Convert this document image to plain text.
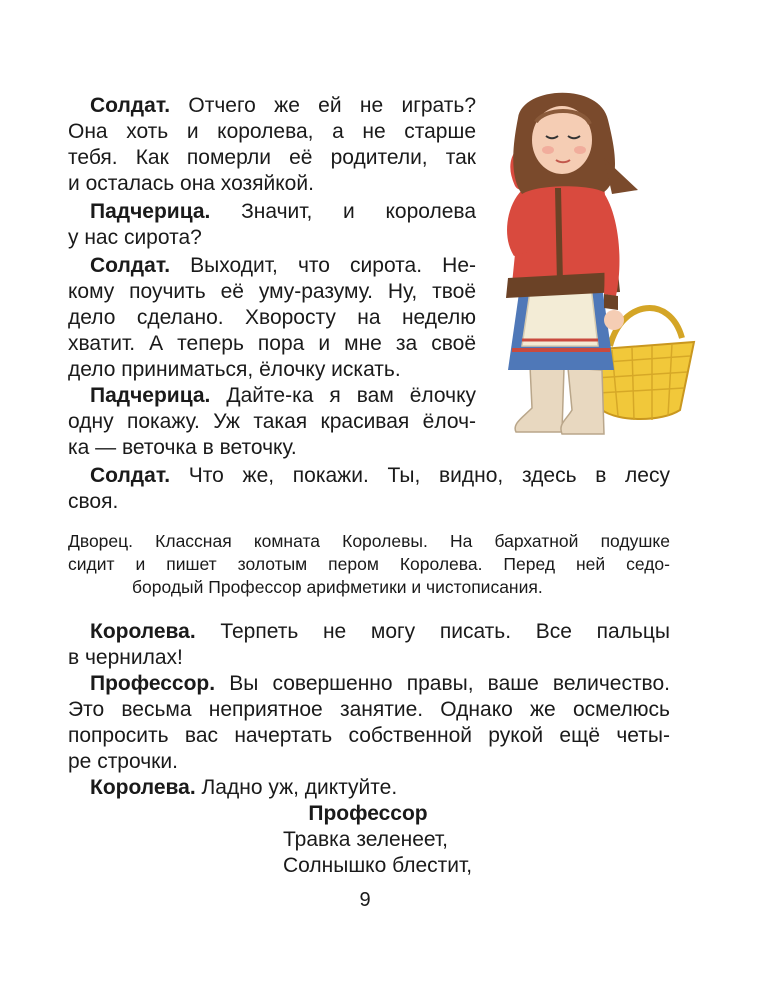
Солдат. Отчего же ей не играть?
Она хоть и королева, а не старше
тебя. Как померли её родители, так
и осталась она хозяйкой.
Падчерица. Значит, и королева
у нас сирота?
Солдат. Выходит, что сирота. Не-
кому поучить её уму-разуму. Ну, твоё
дело сделано. Хворосту на неделю
хватит. А теперь пора и мне за своё
дело приниматься, ёлочку искать.
Падчерица. Дайте-ка я вам ёлочку
одну покажу. Уж такая красивая ёлоч-
ка — веточка в веточку.
Солдат. Что же, покажи. Ты, видно, здесь в лесу
своя.
Дворец. Классная комната Королевы. На бархатной подушке
сидит и пишет золотым пером Королева. Перед ней седо-
бородый Профессор арифметики и чистописания.
Королева. Терпеть не могу писать. Все пальцы
в чернилах!
Профессор. Вы совершенно правы, ваше величество.
Это весьма неприятное занятие. Однако же осмелюсь
попросить вас начертать собственной рукой ещё четы-
ре строчки.
Королева. Ладно уж, диктуйте.
Профессор
Травка зеленеет,
Солнышко блестит,
9
